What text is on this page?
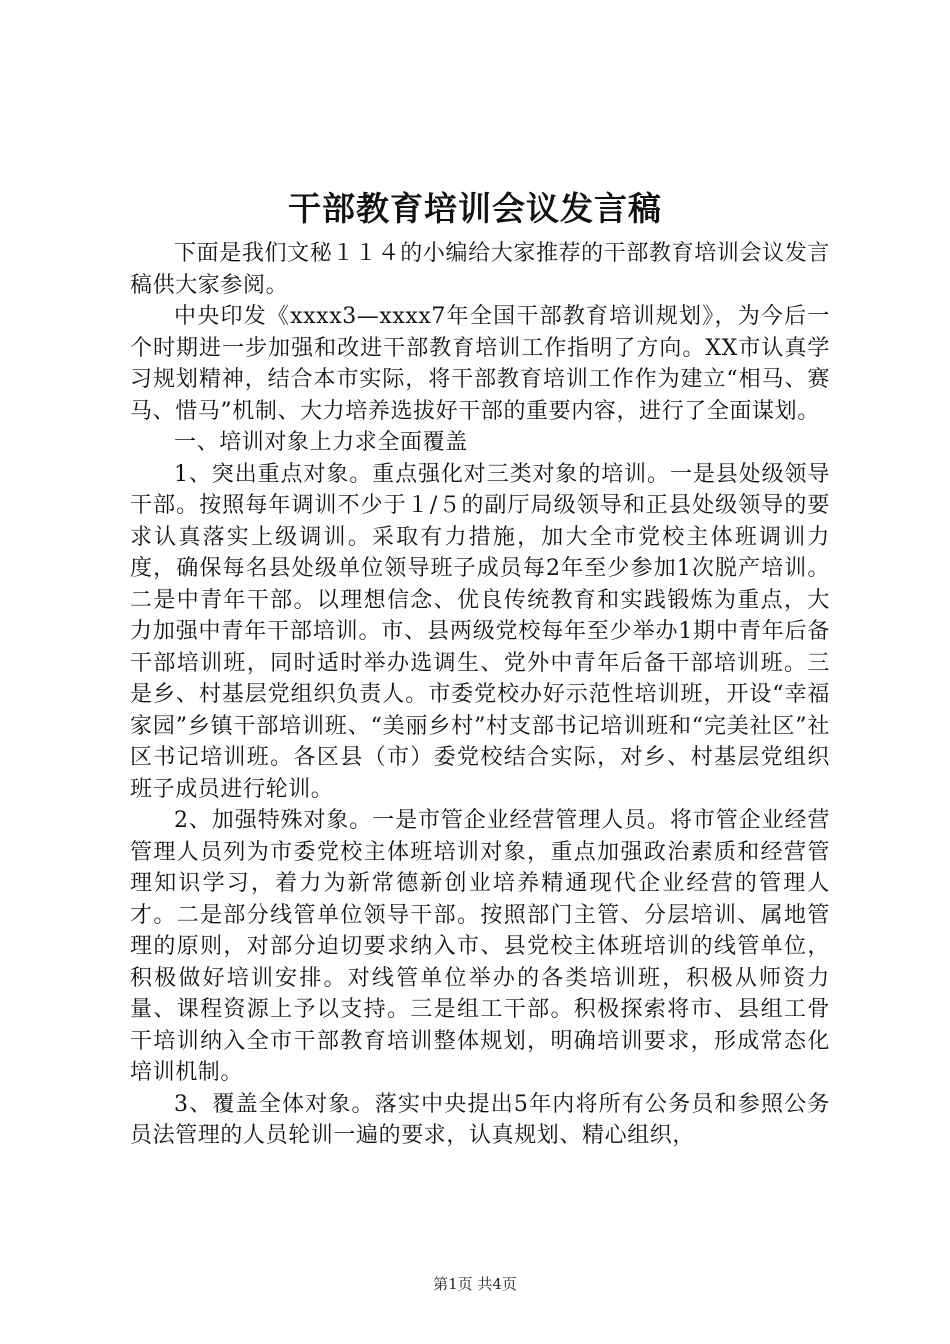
干部教育培训会议发言稿

下面是我们文秘１１４的小编给大家推荐的干部教育培训会议发言稿供大家参阅。

中央印发《xxxx3—xxxx7年全国干部教育培训规划》，为今后一个时期进一步加强和改进干部教育培训工作指明了方向。XX市认真学习规划精神，结合本市实际，将干部教育培训工作作为建立“相马、赛马、惜马”机制、大力培养选拔好干部的重要内容，进行了全面谋划。

一、培训对象上力求全面覆盖

1、突出重点对象。重点强化对三类对象的培训。一是县处级领导干部。按照每年调训不少于１/５的副厅局级领导和正县处级领导的要求认真落实上级调训。采取有力措施，加大全市党校主体班调训力度，确保每名县处级单位领导班子成员每2年至少参加1次脱产培训。二是中青年干部。以理想信念、优良传统教育和实践锻炼为重点，大力加强中青年干部培训。市、县两级党校每年至少举办1期中青年后备干部培训班，同时适时举办选调生、党外中青年后备干部培训班。三是乡、村基层党组织负责人。市委党校办好示范性培训班，开设“幸福家园”乡镇干部培训班、“美丽乡村”村支部书记培训班和“完美社区”社区书记培训班。各区县（市）委党校结合实际，对乡、村基层党组织班子成员进行轮训。

2、加强特殊对象。一是市管企业经营管理人员。将市管企业经营管理人员列为市委党校主体班培训对象，重点加强政治素质和经营管理知识学习，着力为新常德新创业培养精通现代企业经营的管理人才。二是部分线管单位领导干部。按照部门主管、分层培训、属地管理的原则，对部分迫切要求纳入市、县党校主体班培训的线管单位，积极做好培训安排。对线管单位举办的各类培训班，积极从师资力量、课程资源上予以支持。三是组工干部。积极探索将市、县组工骨干培训纳入全市干部教育培训整体规划，明确培训要求，形成常态化培训机制。

3、覆盖全体对象。落实中央提出5年内将所有公务员和参照公务员法管理的人员轮训一遍的要求，认真规划、精心组织，

第1页 共4页
